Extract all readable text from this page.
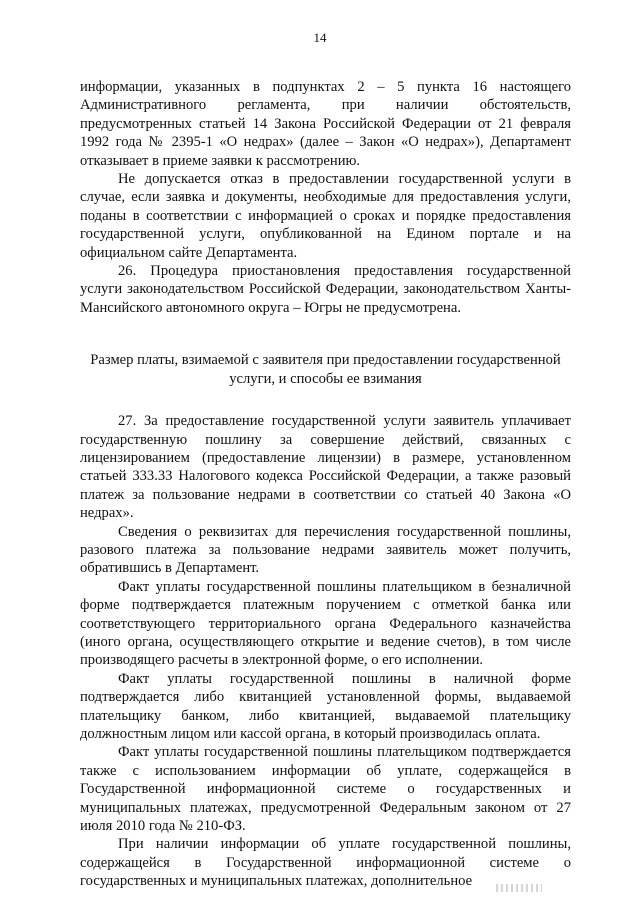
14

информации, указанных в подпунктах 2 – 5 пункта 16 настоящего Административного регламента, при наличии обстоятельств, предусмотренных статьей 14 Закона Российской Федерации от 21 февраля 1992 года № 2395-1 «О недрах» (далее – Закон «О недрах»), Департамент отказывает в приеме заявки к рассмотрению.

Не допускается отказ в предоставлении государственной услуги в случае, если заявка и документы, необходимые для предоставления услуги, поданы в соответствии с информацией о сроках и порядке предоставления государственной услуги, опубликованной на Едином портале и на официальном сайте Департамента.

26. Процедура приостановления предоставления государственной услуги законодательством Российской Федерации, законодательством Ханты-Мансийского автономного округа – Югры не предусмотрена.

Размер платы, взимаемой с заявителя при предоставлении государственной услуги, и способы ее взимания

27. За предоставление государственной услуги заявитель уплачивает государственную пошлину за совершение действий, связанных с лицензированием (предоставление лицензии) в размере, установленном статьей 333.33 Налогового кодекса Российской Федерации, а также разовый платеж за пользование недрами в соответствии со статьей 40 Закона «О недрах».

Сведения о реквизитах для перечисления государственной пошлины, разового платежа за пользование недрами заявитель может получить, обратившись в Департамент.

Факт уплаты государственной пошлины плательщиком в безналичной форме подтверждается платежным поручением с отметкой банка или соответствующего территориального органа Федерального казначейства (иного органа, осуществляющего открытие и ведение счетов), в том числе производящего расчеты в электронной форме, о его исполнении.

Факт уплаты государственной пошлины в наличной форме подтверждается либо квитанцией установленной формы, выдаваемой плательщику банком, либо квитанцией, выдаваемой плательщику должностным лицом или кассой органа, в который производилась оплата.

Факт уплаты государственной пошлины плательщиком подтверждается также с использованием информации об уплате, содержащейся в Государственной информационной системе о государственных и муниципальных платежах, предусмотренной Федеральным законом от 27 июля 2010 года № 210-ФЗ.

При наличии информации об уплате государственной пошлины, содержащейся в Государственной информационной системе о государственных и муниципальных платежах, дополнительное
